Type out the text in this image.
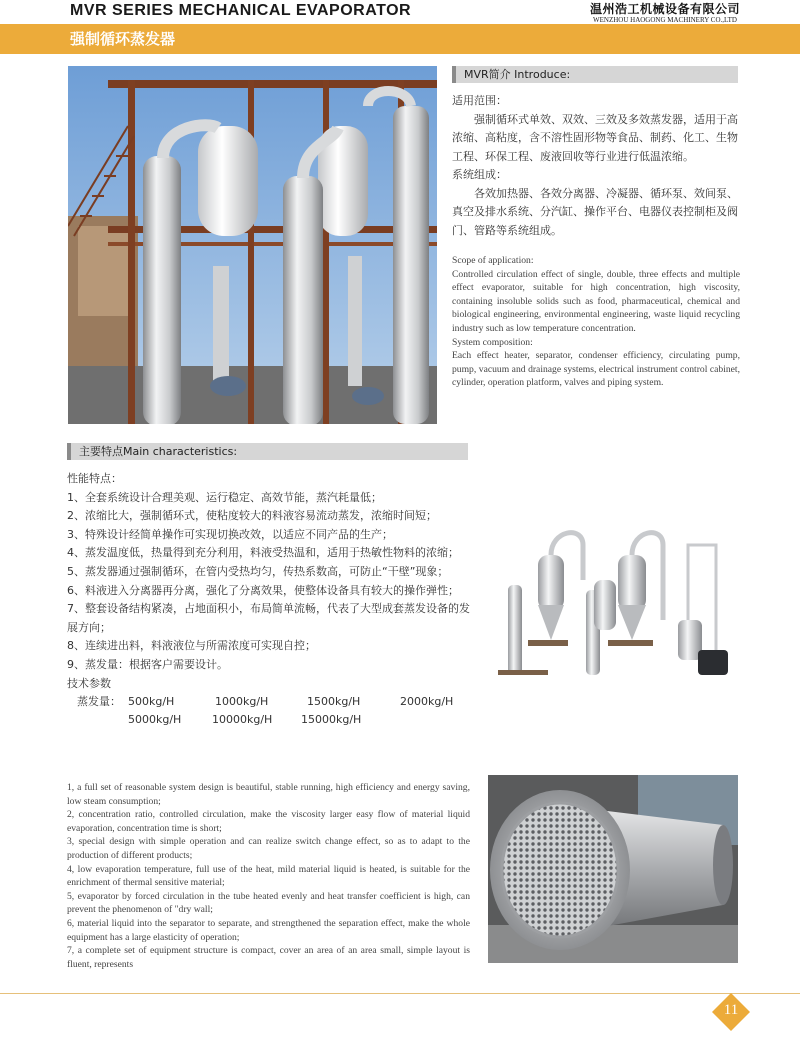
MVR SERIES MECHANICAL EVAPORATOR	温州浩工机械设备有限公司
WENZHOU HAOGONG MACHINERY CO.,LTD
强制循环蒸发器
MVR简介 Introduce:

适用范围：

强制循环式单效、双效、三效及多效蒸发器，适用于高浓缩、高粘度，含不溶性固形物等食品、制药、化工、生物工程、环保工程、废液回收等行业进行低温浓缩。

系统组成：

各效加热器、各效分离器、冷凝器、循环泵、效间泵、真空及排水系统、分汽缸、操作平台、电器仪表控制柜及阀门、管路等系统组成。

Scope of application:

Controlled circulation effect of single, double, three effects and multiple effect evaporator, suitable for high concentration, high viscosity, containing insoluble solids such as food, pharmaceutical, chemical and biological engineering, environmental engineering, waste liquid recycling industry such as low temperature concentration.

System composition:

Each effect heater, separator, condenser efficiency, circulating pump, pump, vacuum and drainage systems, electrical instrument control cabinet, cylinder, operation platform, valves and piping system.

主要特点Main characteristics:

性能特点：

1、全套系统设计合理美观、运行稳定、高效节能，蒸汽耗量低；

2、浓缩比大，强制循环式，使粘度较大的料液容易流动蒸发，浓缩时间短；

3、特殊设计经简单操作可实现切换改效，以适应不同产品的生产；

4、蒸发温度低，热量得到充分利用，料液受热温和，适用于热敏性物料的浓缩；

5、蒸发器通过强制循环，在管内受热均匀，传热系数高，可防止“干壁”现象；

6、料液进入分离器再分离，强化了分离效果，使整体设备具有较大的操作弹性；

7、整套设备结构紧凑，占地面积小，布局简单流畅，代表了大型成套蒸发设备的发展方向；

8、连续进出料，料液液位与所需浓度可实现自控；

9、蒸发量：根据客户需要设计。

技术参数

蒸发量： 500kg/H	1000kg/H	1500kg/H	2000kg/H
5000kg/H	10000kg/H	15000kg/H

1, a full set of reasonable system design is beautiful, stable running, high efficiency and energy saving, low steam consumption;

2, concentration ratio, controlled circulation, make the viscosity larger easy flow of material liquid evaporation, concentration time is short;

3, special design with simple operation and can realize switch change effect, so as to adapt to the production of different products;

4, low evaporation temperature, full use of the heat, mild material liquid is heated, is suitable for the enrichment of thermal sensitive material;

5, evaporator by forced circulation in the tube heated evenly and heat transfer coefficient is high, can prevent the phenomenon of "dry wall;

6, material liquid into the separator to separate, and strengthened the separation effect, make the whole equipment has a large elasticity of operation;

7, a complete set of equipment structure is compact, cover an area of an area small, simple layout is fluent, represents

11
